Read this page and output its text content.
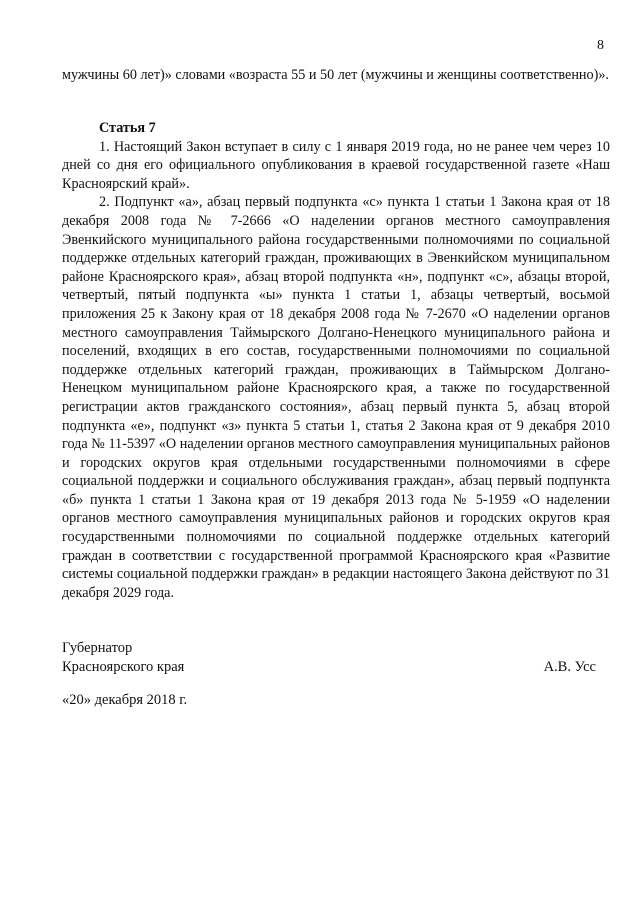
8

мужчины 60 лет)» словами «возраста 55 и 50 лет (мужчины и женщины соответственно)».

Статья 7

1. Настоящий Закон вступает в силу с 1 января 2019 года, но не ранее чем через 10 дней со дня его официального опубликования в краевой государственной газете «Наш Красноярский край».

2. Подпункт «а», абзац первый подпункта «с» пункта 1 статьи 1 Закона края от 18 декабря 2008 года № 7-2666 «О наделении органов местного самоуправления Эвенкийского муниципального района государственными полномочиями по социальной поддержке отдельных категорий граждан, проживающих в Эвенкийском муниципальном районе Красноярского края», абзац второй подпункта «н», подпункт «с», абзацы второй, четвертый, пятый подпункта «ы» пункта 1 статьи 1, абзацы четвертый, восьмой приложения 25 к Закону края от 18 декабря 2008 года № 7-2670 «О наделении органов местного самоуправления Таймырского Долгано-Ненецкого муниципального района и поселений, входящих в его состав, государственными полномочиями по социальной поддержке отдельных категорий граждан, проживающих в Таймырском Долгано-Ненецком муниципальном районе Красноярского края, а также по государственной регистрации актов гражданского состояния», абзац первый пункта 5, абзац второй подпункта «е», подпункт «з» пункта 5 статьи 1, статья 2 Закона края от 9 декабря 2010 года № 11-5397 «О наделении органов местного самоуправления муниципальных районов и городских округов края отдельными государственными полномочиями в сфере социальной поддержки и социального обслуживания граждан», абзац первый подпункта «б» пункта 1 статьи 1 Закона края от 19 декабря 2013 года № 5-1959 «О наделении органов местного самоуправления муниципальных районов и городских округов края государственными полномочиями по социальной поддержке отдельных категорий граждан в соответствии с государственной программой Красноярского края «Развитие системы социальной поддержки граждан» в редакции настоящего Закона действуют по 31 декабря 2029 года.

Губернатор
Красноярского края	А.В. Усс
«20» декабря 2018 г.
